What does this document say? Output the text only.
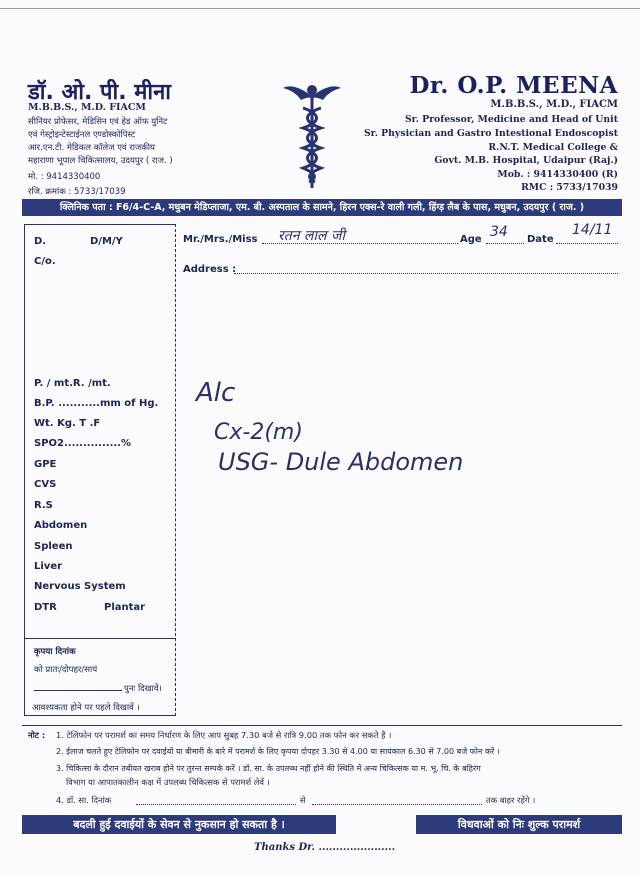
डॉ. ओ. पी. मीना
M.B.B.S., M.D. FIACM
सीनियर प्रोफेसर, मेडिसिन एवं हेड ऑफ युनिट
एवं गेस्ट्रोइन्टेस्टाईनल एण्डोस्कोपिस्ट
आर.एन.टी. मेडिकल कॉलेज एवं राजकीय
महाराणा भूपाल चिकित्सालय, उदयपुर ( राज. )
मो. : 9414330400
रजि. क्रमांक : 5733/17039
Dr. O.P. MEENA
M.B.B.S., M.D., FIACM
Sr. Professor, Medicine and Head of Unit
Sr. Physician and Gastro Intestional Endoscopist
R.N.T. Medical College &
Govt. M.B. Hospital, Udaipur (Raj.)
Mob. : 9414330400 (R)
RMC : 5733/17039
क्लिनिक पता : F6/4-C-A, मधुबन मेडिप्लाजा, एम. बी. अस्पताल के सामने, हिरन एक्स-रे वाली गली, हिंग्ड़ लैब के पास, मधुबन, उदयपुर ( राज. )
D.	D/M/Y
C/o.
P. / mt.R. /mt.
B.P. ...........mm of Hg.
Wt. Kg. T .F
SPO2...............%
GPE
CVS
R.S
Abdomen
Spleen
Liver
Nervous System
DTR	Plantar
कृपया दिनांक
को प्रातः/दोपहर/सायं
पुनः दिखावें।
आवश्यकता होने पर पहले दिखावें ।
Mr./Mrs./Miss रतन लाल जी	Age 34 Date
14/11
Address :
Alc
Cx-2(m)
USG- Dule Abdomen
नोट : 1. टेलिफोन पर परामर्श का समय निर्धारण के लिए आप सुबह 7.30 बजे से रात्रि 9.00 तक फोन कर सकते है ।
2. ईलाज चलते हुए टेलिफोन पर दवाईयों या बीमारी के बारे में परामर्श के लिए कृपया दोपहर 3.30 से 4.00 या सायंकाल 6.30 से 7.00 बजे फोन करें ।
3. चिकित्सा के दौरान तबीयत खराब होने पर तुरन्त सम्पर्क करें । डॉ. सा. के उपलब्ध नहीं होने की स्थिति में अन्य चिकित्सक या म. भू. चि. के बहिरंग
विभाग या आपातकालीन कक्ष में उपलब्ध चिकित्सक से परामर्श लेवें ।
4. डॉ. सा. दिनांक	से	तक बाहर रहेंगे ।
बदली हुई दवाईयों के सेवन से नुकसान हो सकता है ।	विधवाओं को निः शुल्क परामर्श
Thanks Dr. ......................
